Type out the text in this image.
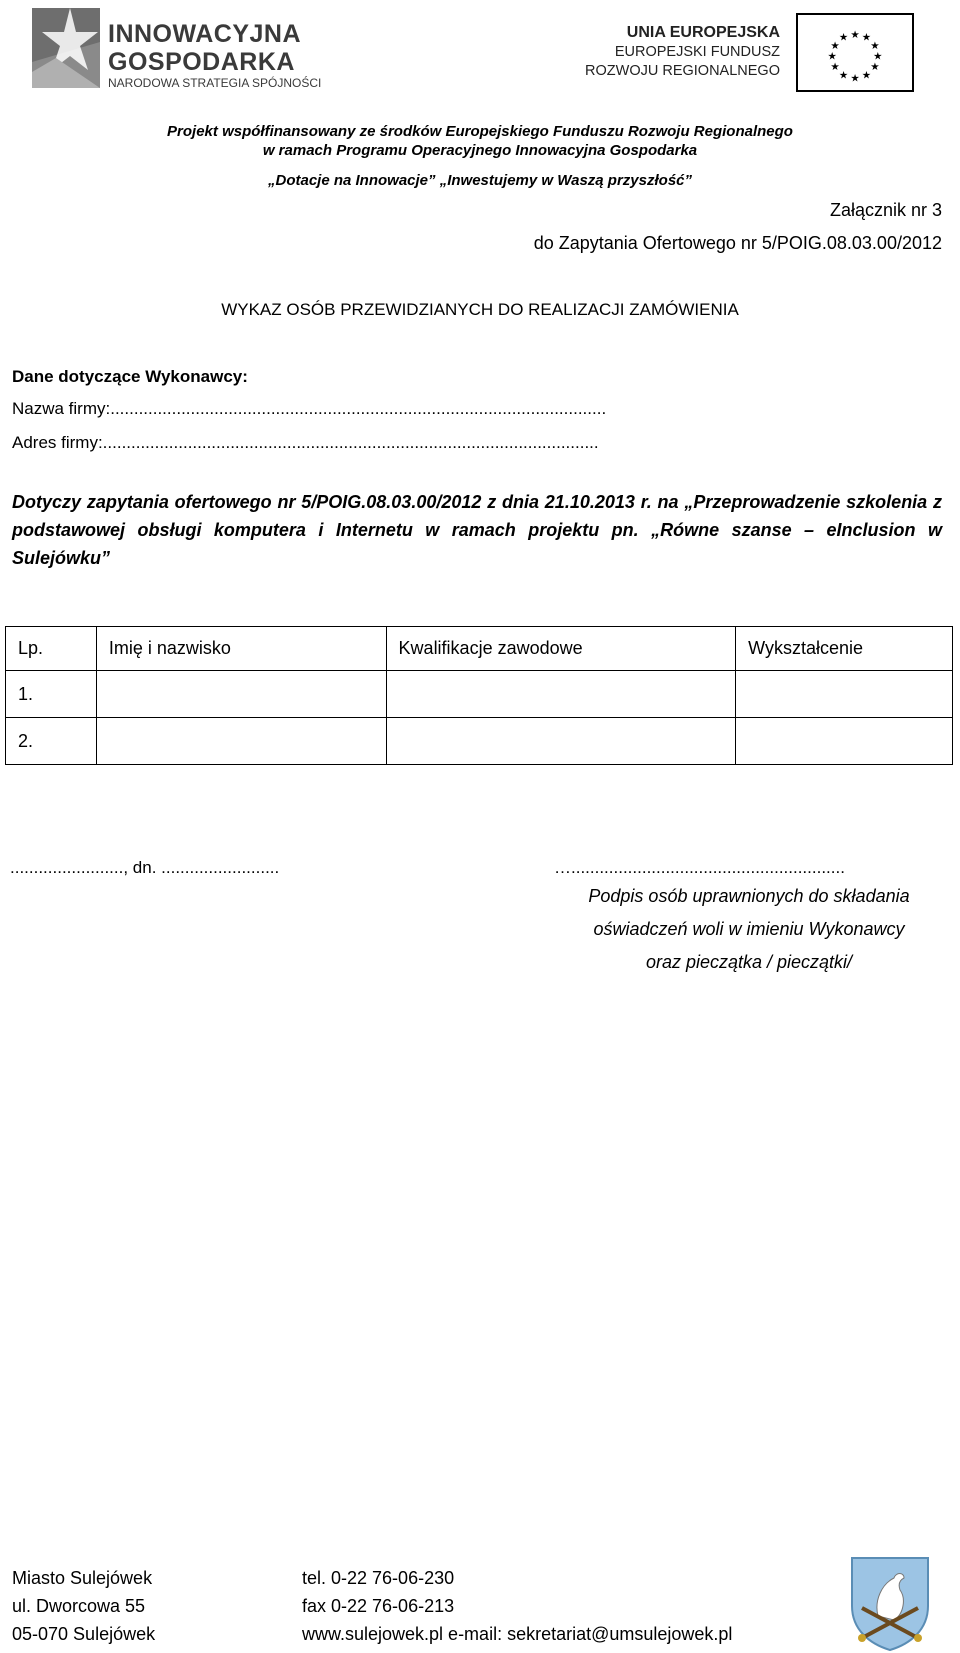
INNOWACYJNA
GOSPODARKA
NARODOWA STRATEGIA SPÓJNOŚCI
UNIA EUROPEJSKA
EUROPEJSKI FUNDUSZ
ROZWOJU REGIONALNEGO
★ ★
★
★
★
★
★
★
★
★
★
★
Projekt współfinansowany ze środków Europejskiego Funduszu Rozwoju Regionalnego
w ramach Programu Operacyjnego Innowacyjna Gospodarka
„Dotacje na Innowacje” „Inwestujemy w Waszą przyszłość”
Załącznik nr 3
do Zapytania Ofertowego nr 5/POIG.08.03.00/2012
WYKAZ OSÓB PRZEWIDZIANYCH DO REALIZACJI ZAMÓWIENIA
Dane dotyczące Wykonawcy:
Nazwa firmy:.........................................................................................................
Adres firmy:.........................................................................................................
Dotyczy zapytania ofertowego nr 5/POIG.08.03.00/2012 z dnia 21.10.2013 r. na „Przeprowadzenie szkolenia z podstawowej obsługi komputera i Internetu w ramach projektu pn. „Równe szanse – eInclusion w Sulejówku”
Lp.	Imię i nazwisko	Kwalifikacje zawodowe	Wykształcenie
1.			
2.			
........................, dn. .........................	…..........................................................
Podpis osób uprawnionych do składania
oświadczeń woli w imieniu Wykonawcy
oraz pieczątka / pieczątki/
Miasto Sulejówek
ul. Dworcowa 55
05-070 Sulejówek
tel. 0-22 76-06-230
fax 0-22 76-06-213
www.sulejowek.pl e-mail: sekretariat@umsulejowek.pl
